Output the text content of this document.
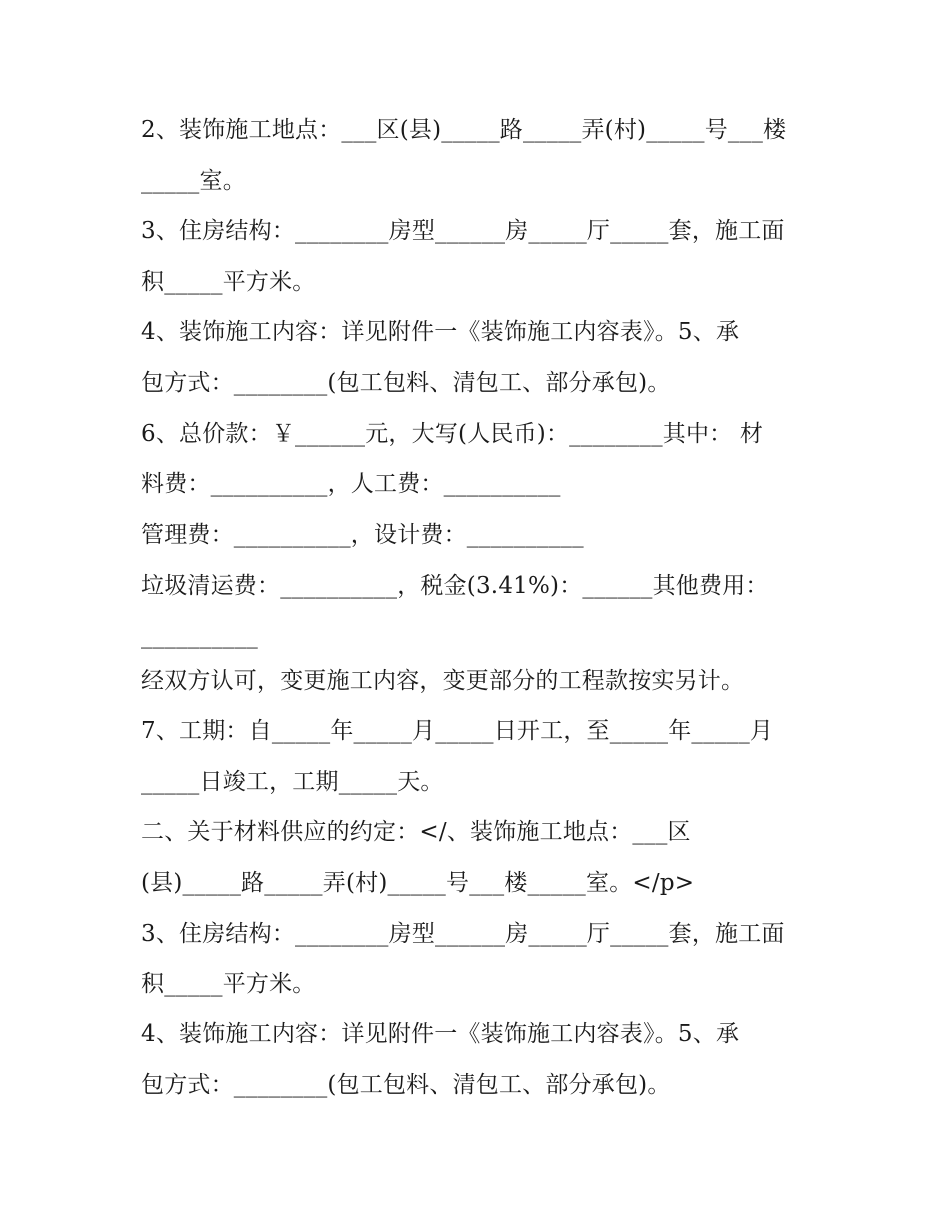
2、装饰施工地点：___区(县)_____路_____弄(村)_____号___楼
_____室。
3、住房结构：________房型______房_____厅_____套，施工面
积_____平方米。
4、装饰施工内容：详见附件一《装饰施工内容表》。5、承
包方式：________(包工包料、清包工、部分承包)。
6、总价款：￥______元，大写(人民币)：________其中： 材
料费：__________，人工费：__________
管理费：__________，设计费：__________
垃圾清运费：__________，税金(3.41%)：______其他费用：
__________
经双方认可，变更施工内容，变更部分的工程款按实另计。
7、工期：自_____年_____月_____日开工，至_____年_____月
_____日竣工，工期_____天。
二、关于材料供应的约定：</、装饰施工地点：___区
(县)_____路_____弄(村)_____号___楼_____室。</p>
3、住房结构：________房型______房_____厅_____套，施工面
积_____平方米。
4、装饰施工内容：详见附件一《装饰施工内容表》。5、承
包方式：________(包工包料、清包工、部分承包)。
